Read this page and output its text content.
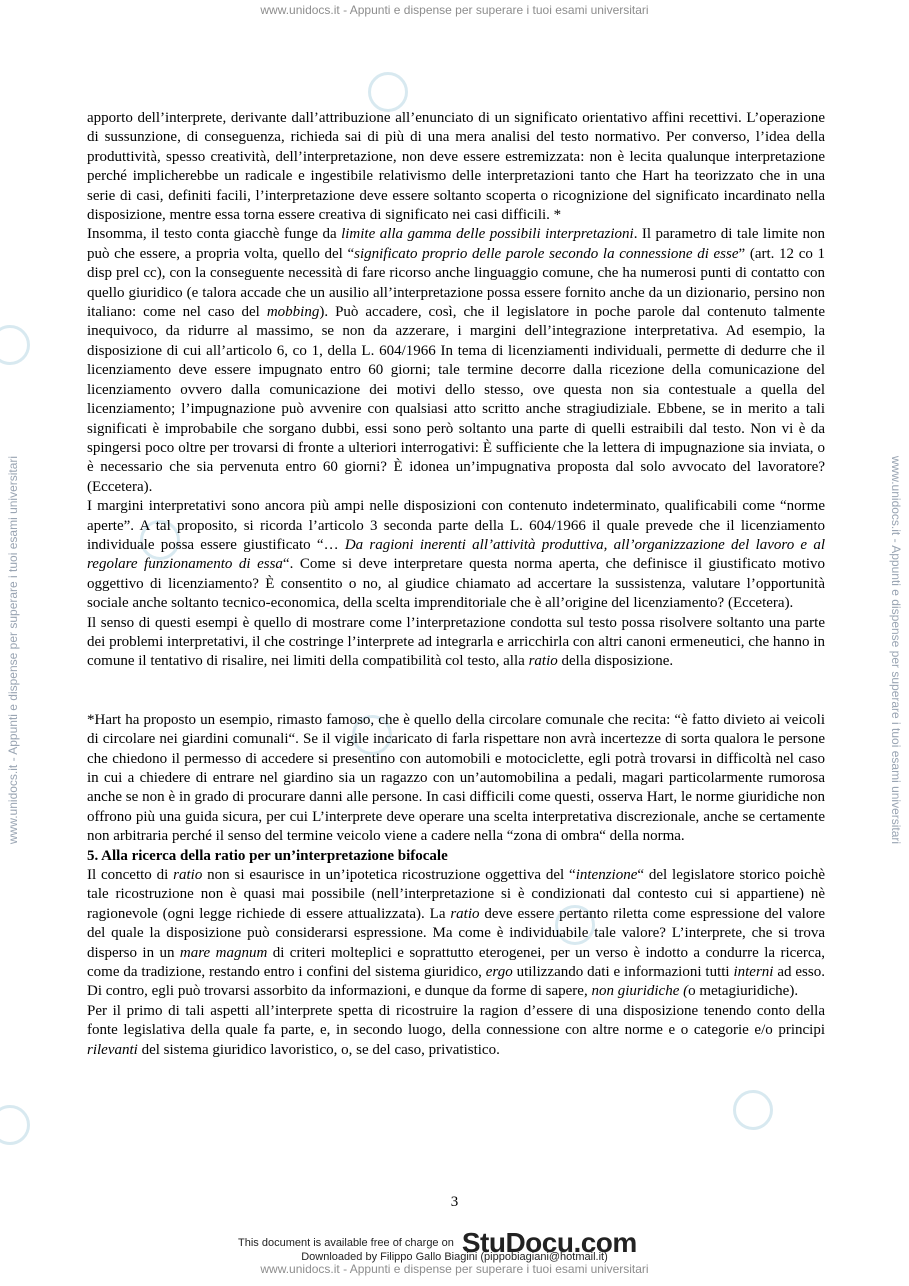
www.unidocs.it - Appunti e dispense per superare i tuoi esami universitari
www.unidocs.it - Appunti e dispense per superare i tuoi esami universitari	www.unidocs.it - Appunti e dispense per superare i tuoi esami universitari

apporto dell’interprete, derivante dall’attribuzione all’enunciato di un significato orientativo affini recettivi. L’operazione di sussunzione, di conseguenza, richieda sai di più di una mera analisi del testo normativo. Per converso, l’idea della produttività, spesso creatività, dell’interpretazione, non deve essere estremizzata: non è lecita qualunque interpretazione perché implicherebbe un radicale e ingestibile relativismo delle interpretazioni tanto che Hart ha teorizzato che in una serie di casi, definiti facili, l’interpretazione deve essere soltanto scoperta o ricognizione del significato incardinato nella disposizione, mentre essa torna essere creativa di significato nei casi difficili. *

Insomma, il testo conta giacchè funge da limite alla gamma delle possibili interpretazioni. Il parametro di tale limite non può che essere, a propria volta, quello del “significato proprio delle parole secondo la connessione di esse” (art. 12 co 1 disp prel cc), con la conseguente necessità di fare ricorso anche linguaggio comune, che ha numerosi punti di contatto con quello giuridico (e talora accade che un ausilio all’interpretazione possa essere fornito anche da un dizionario, persino non italiano: come nel caso del mobbing). Può accadere, così, che il legislatore in poche parole dal contenuto talmente inequivoco, da ridurre al massimo, se non da azzerare, i margini dell’integrazione interpretativa. Ad esempio, la disposizione di cui all’articolo 6, co 1, della L. 604/1966 In tema di licenziamenti individuali, permette di dedurre che il licenziamento deve essere impugnato entro 60 giorni; tale termine decorre dalla ricezione della comunicazione del licenziamento ovvero dalla comunicazione dei motivi dello stesso, ove questa non sia contestuale a quella del licenziamento; l’impugnazione può avvenire con qualsiasi atto scritto anche stragiudiziale. Ebbene, se in merito a tali significati è improbabile che sorgano dubbi, essi sono però soltanto una parte di quelli estraibili dal testo. Non vi è da spingersi poco oltre per trovarsi di fronte a ulteriori interrogativi: È sufficiente che la lettera di impugnazione sia inviata, o è necessario che sia pervenuta entro 60 giorni? È idonea un’impugnativa proposta dal solo avvocato del lavoratore? (Eccetera).

I margini interpretativi sono ancora più ampi nelle disposizioni con contenuto indeterminato, qualificabili come “norme aperte”. A tal proposito, si ricorda l’articolo 3 seconda parte della L. 604/1966 il quale prevede che il licenziamento individuale possa essere giustificato “… Da ragioni inerenti all’attività produttiva, all’organizzazione del lavoro e al regolare funzionamento di essa“. Come si deve interpretare questa norma aperta, che definisce il giustificato motivo oggettivo di licenziamento? È consentito o no, al giudice chiamato ad accertare la sussistenza, valutare l’opportunità sociale anche soltanto tecnico-economica, della scelta imprenditoriale che è all’origine del licenziamento? (Eccetera).

Il senso di questi esempi è quello di mostrare come l’interpretazione condotta sul testo possa risolvere soltanto una parte dei problemi interpretativi, il che costringe l’interprete ad integrarla e arricchirla con altri canoni ermeneutici, che hanno in comune il tentativo di risalire, nei limiti della compatibilità col testo, alla ratio della disposizione.

*Hart ha proposto un esempio, rimasto famoso, che è quello della circolare comunale che recita: “è fatto divieto ai veicoli di circolare nei giardini comunali“. Se il vigile incaricato di farla rispettare non avrà incertezze di sorta qualora le persone che chiedono il permesso di accedere si presentino con automobili e motociclette, egli potrà trovarsi in difficoltà nel caso in cui a chiedere di entrare nel giardino sia un ragazzo con un’automobilina a pedali, magari particolarmente rumorosa anche se non è in grado di procurare danni alle persone. In casi difficili come questi, osserva Hart, le norme giuridiche non offrono più una guida sicura, per cui L’interprete deve operare una scelta interpretativa discrezionale, anche se certamente non arbitraria perché il senso del termine veicolo viene a cadere nella “zona di ombra“ della norma.

5. Alla ricerca della ratio per un’interpretazione bifocale

Il concetto di ratio non si esaurisce in un’ipotetica ricostruzione oggettiva del “intenzione“ del legislatore storico poichè tale ricostruzione non è quasi mai possibile (nell’interpretazione si è condizionati dal contesto cui si appartiene) nè ragionevole (ogni legge richiede di essere attualizzata). La ratio deve essere pertanto riletta come espressione del valore del quale la disposizione può considerarsi espressione. Ma come è individuabile tale valore? L’interprete, che si trova disperso in un mare magnum di criteri molteplici e soprattutto eterogenei, per un verso è indotto a condurre la ricerca, come da tradizione, restando entro i confini del sistema giuridico, ergo utilizzando dati e informazioni tutti interni ad esso. Di contro, egli può trovarsi assorbito da informazioni, e dunque da forme di sapere, non giuridiche (o metagiuridiche).

Per il primo di tali aspetti all’interprete spetta di ricostruire la ragion d’essere di una disposizione tenendo conto della fonte legislativa della quale fa parte, e, in secondo luogo, della connessione con altre norme e o categorie e/o principi rilevanti del sistema giuridico lavoristico, o, se del caso, privatistico.

3
This document is available free of charge on StuDocu.com
Downloaded by Filippo Gallo Biagini (pippobiagiani@hotmail.it)
www.unidocs.it - Appunti e dispense per superare i tuoi esami universitari
